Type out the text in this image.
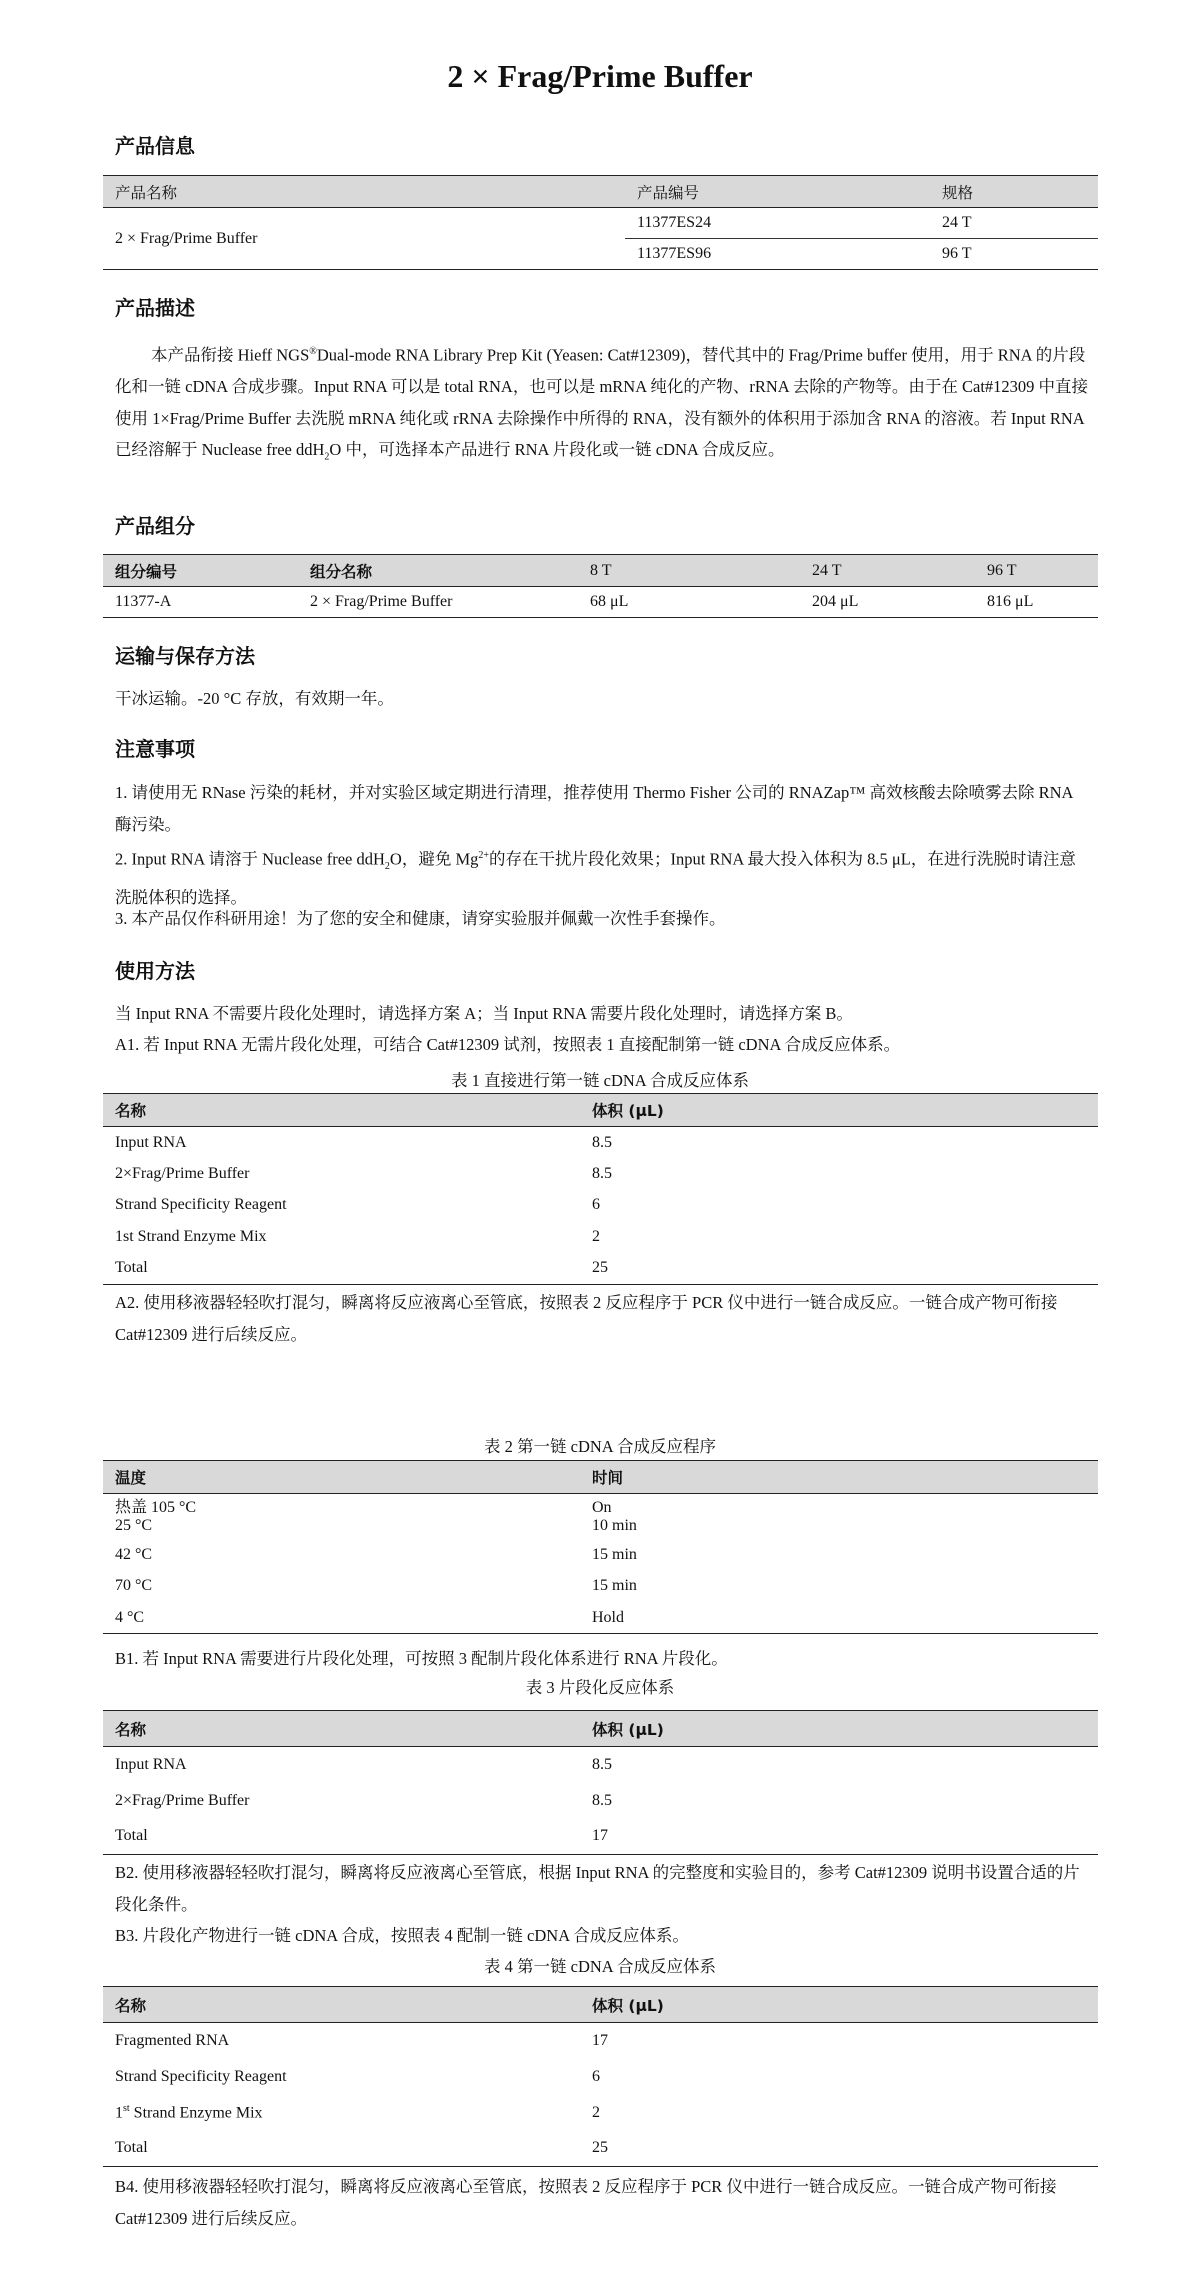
2 × Frag/Prime Buffer
产品信息
产品名称	产品编号	规格
2 × Frag/Prime Buffer	11377ES24	24 T
	11377ES96	96 T
产品描述

本产品衔接 Hieff NGS®Dual-mode RNA Library Prep Kit (Yeasen: Cat#12309)，替代其中的 Frag/Prime buffer 使用，用于 RNA 的片段化和一链 cDNA 合成步骤。Input RNA 可以是 total RNA，也可以是 mRNA 纯化的产物、rRNA 去除的产物等。由于在 Cat#12309 中直接使用 1×Frag/Prime Buffer 去洗脱 mRNA 纯化或 rRNA 去除操作中所得的 RNA，没有额外的体积用于添加含 RNA 的溶液。若 Input RNA 已经溶解于 Nuclease free ddH$_2$O 中，可选择本产品进行 RNA 片段化或一链 cDNA 合成反应。

产品组分
组分编号	组分名称	8 T	24 T	96 T
11377-A	2 × Frag/Prime Buffer	68 μL	204 μL	816 μL
运输与保存方法

干冰运输。-20 °C 存放，有效期一年。

注意事项

1. 请使用无 RNase 污染的耗材，并对实验区域定期进行清理，推荐使用 Thermo Fisher 公司的 RNAZap™ 高效核酸去除喷雾去除 RNA 酶污染。

2. Input RNA 请溶于 Nuclease free ddH$_2$O，避免 $Mg^{2+}$的存在干扰片段化效果；Input RNA 最大投入体积为 8.5 μL，在进行洗脱时请注意洗脱体积的选择。

3. 本产品仅作科研用途！为了您的安全和健康，请穿实验服并佩戴一次性手套操作。

使用方法

当 Input RNA 不需要片段化处理时，请选择方案 A；当 Input RNA 需要片段化处理时，请选择方案 B。

A1. 若 Input RNA 无需片段化处理，可结合 Cat#12309 试剂，按照表 1 直接配制第一链 cDNA 合成反应体系。

表 1 直接进行第一链 cDNA 合成反应体系
名称	体积 (μL)
Input RNA	8.5
2×Frag/Prime Buffer	8.5
Strand Specificity Reagent	6
1st Strand Enzyme Mix	2
Total	25

A2. 使用移液器轻轻吹打混匀，瞬离将反应液离心至管底，按照表 2 反应程序于 PCR 仪中进行一链合成反应。一链合成产物可衔接 Cat#12309 进行后续反应。

表 2 第一链 cDNA 合成反应程序
温度	时间
热盖 105 °C	On
25 °C	10 min
42 °C	15 min
70 °C	15 min
4 °C	Hold

B1. 若 Input RNA 需要进行片段化处理，可按照 3 配制片段化体系进行 RNA 片段化。

表 3 片段化反应体系
名称	体积 (μL)
Input RNA	8.5
2×Frag/Prime Buffer	8.5
Total	17

B2. 使用移液器轻轻吹打混匀，瞬离将反应液离心至管底，根据 Input RNA 的完整度和实验目的，参考 Cat#12309 说明书设置合适的片段化条件。

B3. 片段化产物进行一链 cDNA 合成，按照表 4 配制一链 cDNA 合成反应体系。

表 4 第一链 cDNA 合成反应体系
名称	体积 (μL)
Fragmented RNA	17
Strand Specificity Reagent	6
1st Strand Enzyme Mix	2
Total	25

B4. 使用移液器轻轻吹打混匀，瞬离将反应液离心至管底，按照表 2 反应程序于 PCR 仪中进行一链合成反应。一链合成产物可衔接 Cat#12309 进行后续反应。
